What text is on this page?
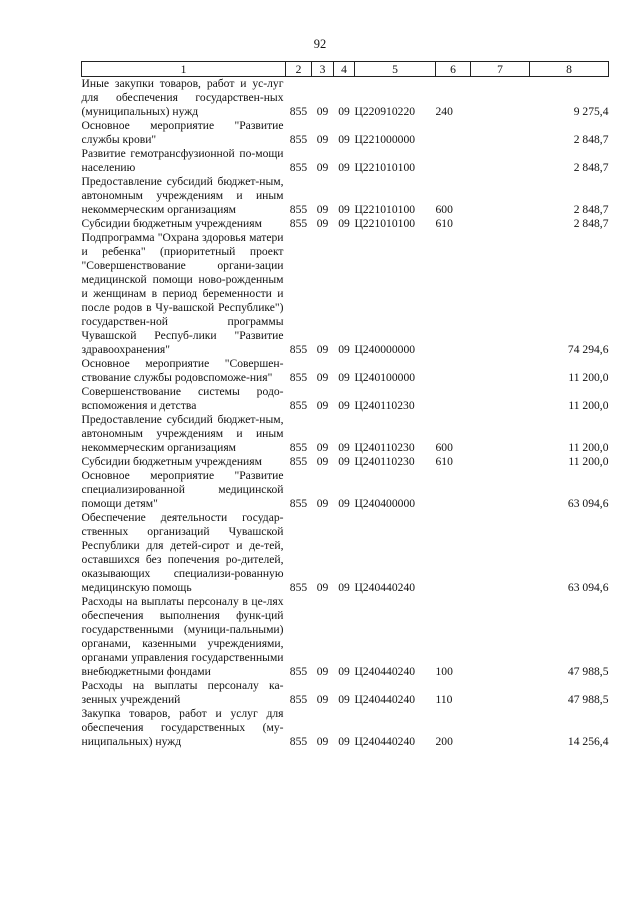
92
1	2	3	4	5	6	7	8
Иные закупки товаров, работ и ус-луг для обеспечения государствен-ных (муниципальных) нужд	855	09	09	Ц220910220	240		9 275,4
Основное мероприятие "Развитие службы крови"	855	09	09	Ц221000000			2 848,7
Развитие гемотрансфузионной по-мощи населению	855	09	09	Ц221010100			2 848,7
Предоставление субсидий бюджет-ным, автономным учреждениям и иным некоммерческим организациям	855	09	09	Ц221010100	600		2 848,7
Субсидии бюджетным учреждениям	855	09	09	Ц221010100	610		2 848,7
Подпрограмма "Охрана здоровья матери и ребенка" (приоритетный проект "Совершенствование органи-зации медицинской помощи ново-рожденным и женщинам в период беременности и после родов в Чу-вашской Республике") государствен-ной программы Чувашской Респуб-лики "Развитие здравоохранения"	855	09	09	Ц240000000			74 294,6
Основное мероприятие "Совершен-ствование службы родовспоможе-ния"	855	09	09	Ц240100000			11 200,0
Совершенствование системы родо-вспоможения и детства	855	09	09	Ц240110230			11 200,0
Предоставление субсидий бюджет-ным, автономным учреждениям и иным некоммерческим организациям	855	09	09	Ц240110230	600		11 200,0
Субсидии бюджетным учреждениям	855	09	09	Ц240110230	610		11 200,0
Основное мероприятие "Развитие специализированной медицинской помощи детям"	855	09	09	Ц240400000			63 094,6
Обеспечение деятельности государ-ственных организаций Чувашской Республики для детей-сирот и де-тей, оставшихся без попечения ро-дителей, оказывающих специализи-рованную медицинскую помощь	855	09	09	Ц240440240			63 094,6
Расходы на выплаты персоналу в це-лях обеспечения выполнения функ-ций государственными (муници-пальными) органами, казенными учреждениями, органами управления государственными внебюджетными фондами	855	09	09	Ц240440240	100		47 988,5
Расходы на выплаты персоналу ка-зенных учреждений	855	09	09	Ц240440240	110		47 988,5
Закупка товаров, работ и услуг для обеспечения государственных (му-ниципальных) нужд	855	09	09	Ц240440240	200		14 256,4
